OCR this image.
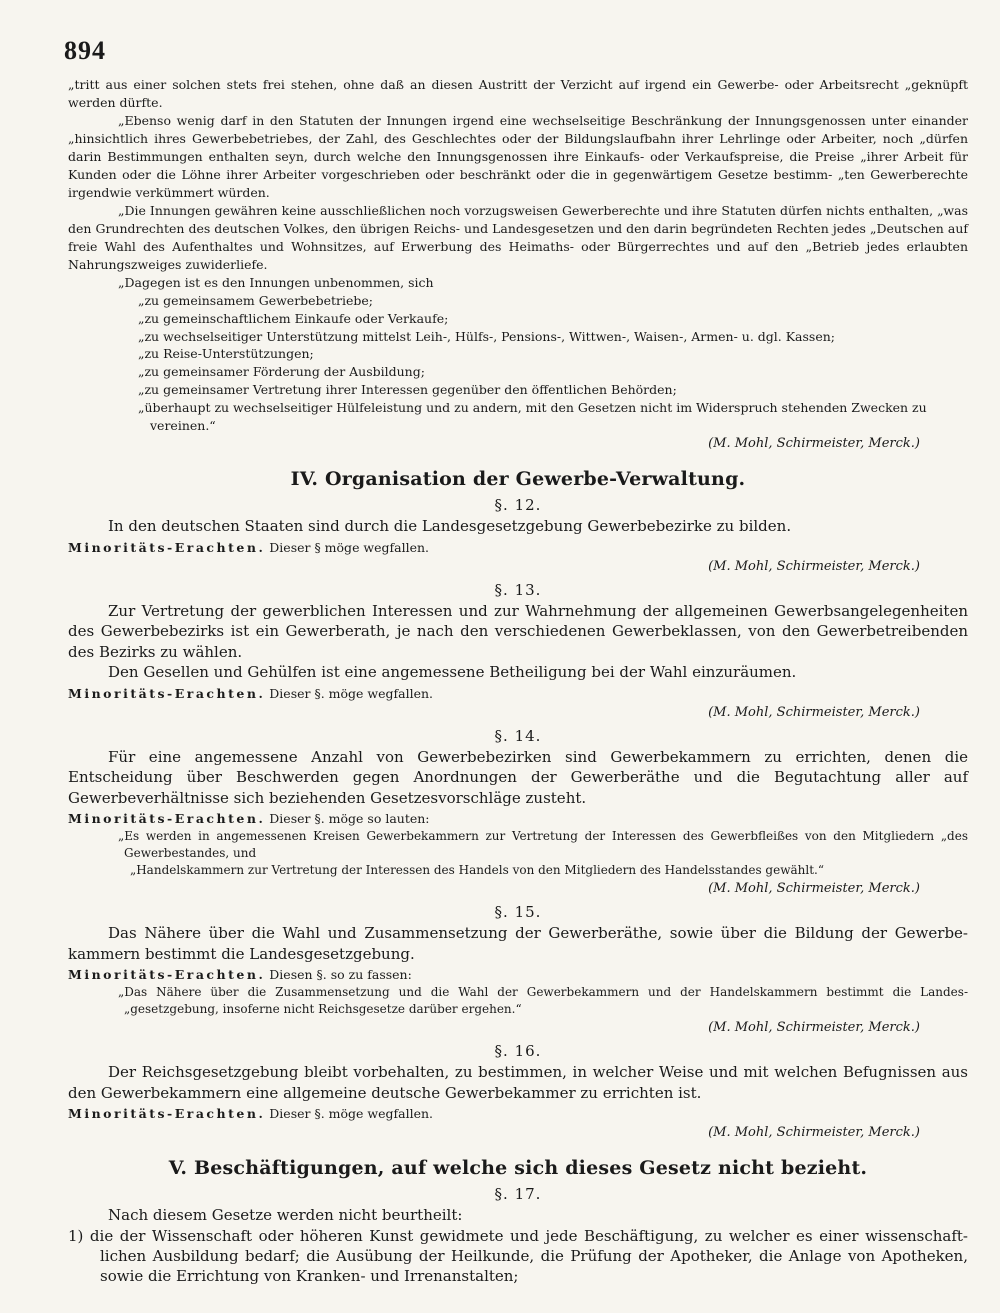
894

„tritt aus einer solchen stets frei stehen, ohne daß an diesen Austritt der Verzicht auf irgend ein Gewerbe- oder Arbeitsrecht „geknüpft werden dürfte.

„Ebenso wenig darf in den Statuten der Innungen irgend eine wechselseitige Beschränkung der Innungsgenossen unter einander „hinsichtlich ihres Gewerbebetriebes, der Zahl, des Geschlechtes oder der Bildungslaufbahn ihrer Lehrlinge oder Arbeiter, noch „dürfen darin Bestimmungen enthalten seyn, durch welche den Innungsgenossen ihre Einkaufs- oder Verkaufspreise, die Preise „ihrer Arbeit für Kunden oder die Löhne ihrer Arbeiter vorgeschrieben oder beschränkt oder die in gegenwärtigem Gesetze bestimm- „ten Gewerberechte irgendwie verkümmert würden.

„Die Innungen gewähren keine ausschließlichen noch vorzugsweisen Gewerberechte und ihre Statuten dürfen nichts enthalten, „was den Grundrechten des deutschen Volkes, den übrigen Reichs- und Landesgesetzen und den darin begründeten Rechten jedes „Deutschen auf freie Wahl des Aufenthaltes und Wohnsitzes, auf Erwerbung des Heimaths- oder Bürgerrechtes und auf den „Betrieb jedes erlaubten Nahrungszweiges zuwiderliefe.

„Dagegen ist es den Innungen unbenommen, sich

„zu gemeinsamem Gewerbebetriebe;
„zu gemeinschaftlichem Einkaufe oder Verkaufe;
„zu wechselseitiger Unterstützung mittelst Leih-, Hülfs-, Pensions-, Wittwen-, Waisen-, Armen- u. dgl. Kassen;
„zu Reise-Unterstützungen;
„zu gemeinsamer Förderung der Ausbildung;
„zu gemeinsamer Vertretung ihrer Interessen gegenüber den öffentlichen Behörden;
„überhaupt zu wechselseitiger Hülfeleistung und zu andern, mit den Gesetzen nicht im Widerspruch stehenden Zwecken zu
vereinen.“

(M. Mohl, Schirmeister, Merck.)

IV. Organisation der Gewerbe-Verwaltung.
§. 12.

In den deutschen Staaten sind durch die Landesgesetzgebung Gewerbebezirke zu bilden.

Minoritäts-Erachten. Dieser § möge wegfallen.

(M. Mohl, Schirmeister, Merck.)

§. 13.

Zur Vertretung der gewerblichen Interessen und zur Wahrnehmung der allgemeinen Gewerbsangelegenheiten des Gewerbebezirks ist ein Gewerberath, je nach den verschiedenen Gewerbeklassen, von den Gewerbetreibenden des Bezirks zu wählen.

Den Gesellen und Gehülfen ist eine angemessene Betheiligung bei der Wahl einzuräumen.

Minoritäts-Erachten. Dieser §. möge wegfallen.

(M. Mohl, Schirmeister, Merck.)

§. 14.

Für eine angemessene Anzahl von Gewerbebezirken sind Gewerbekammern zu errichten, denen die Entscheidung über Beschwerden gegen Anordnungen der Gewerberäthe und die Begutachtung aller auf Gewerbeverhältnisse sich beziehenden Gesetzesvorschläge zusteht.

Minoritäts-Erachten. Dieser §. möge so lauten:

„Es werden in angemessenen Kreisen Gewerbekammern zur Vertretung der Interessen des Gewerbfleißes von den Mitgliedern „des Gewerbestandes, und

„Handelskammern zur Vertretung der Interessen des Handels von den Mitgliedern des Handelsstandes gewählt.“

(M. Mohl, Schirmeister, Merck.)

§. 15.

Das Nähere über die Wahl und Zusammensetzung der Gewerberäthe, sowie über die Bildung der Gewerbe- kammern bestimmt die Landesgesetzgebung.

Minoritäts-Erachten. Diesen §. so zu fassen:

„Das Nähere über die Zusammensetzung und die Wahl der Gewerbekammern und der Handelskammern bestimmt die Landes- „gesetzgebung, insoferne nicht Reichsgesetze darüber ergehen.“

(M. Mohl, Schirmeister, Merck.)

§. 16.

Der Reichsgesetzgebung bleibt vorbehalten, zu bestimmen, in welcher Weise und mit welchen Befugnissen aus den Gewerbekammern eine allgemeine deutsche Gewerbekammer zu errichten ist.

Minoritäts-Erachten. Dieser §. möge wegfallen.

(M. Mohl, Schirmeister, Merck.)

V. Beschäftigungen, auf welche sich dieses Gesetz nicht bezieht.
§. 17.

Nach diesem Gesetze werden nicht beurtheilt:

1) die der Wissenschaft oder höheren Kunst gewidmete und jede Beschäftigung, zu welcher es einer wissenschaft- lichen Ausbildung bedarf; die Ausübung der Heilkunde, die Prüfung der Apotheker, die Anlage von Apotheken, sowie die Errichtung von Kranken- und Irrenanstalten;
